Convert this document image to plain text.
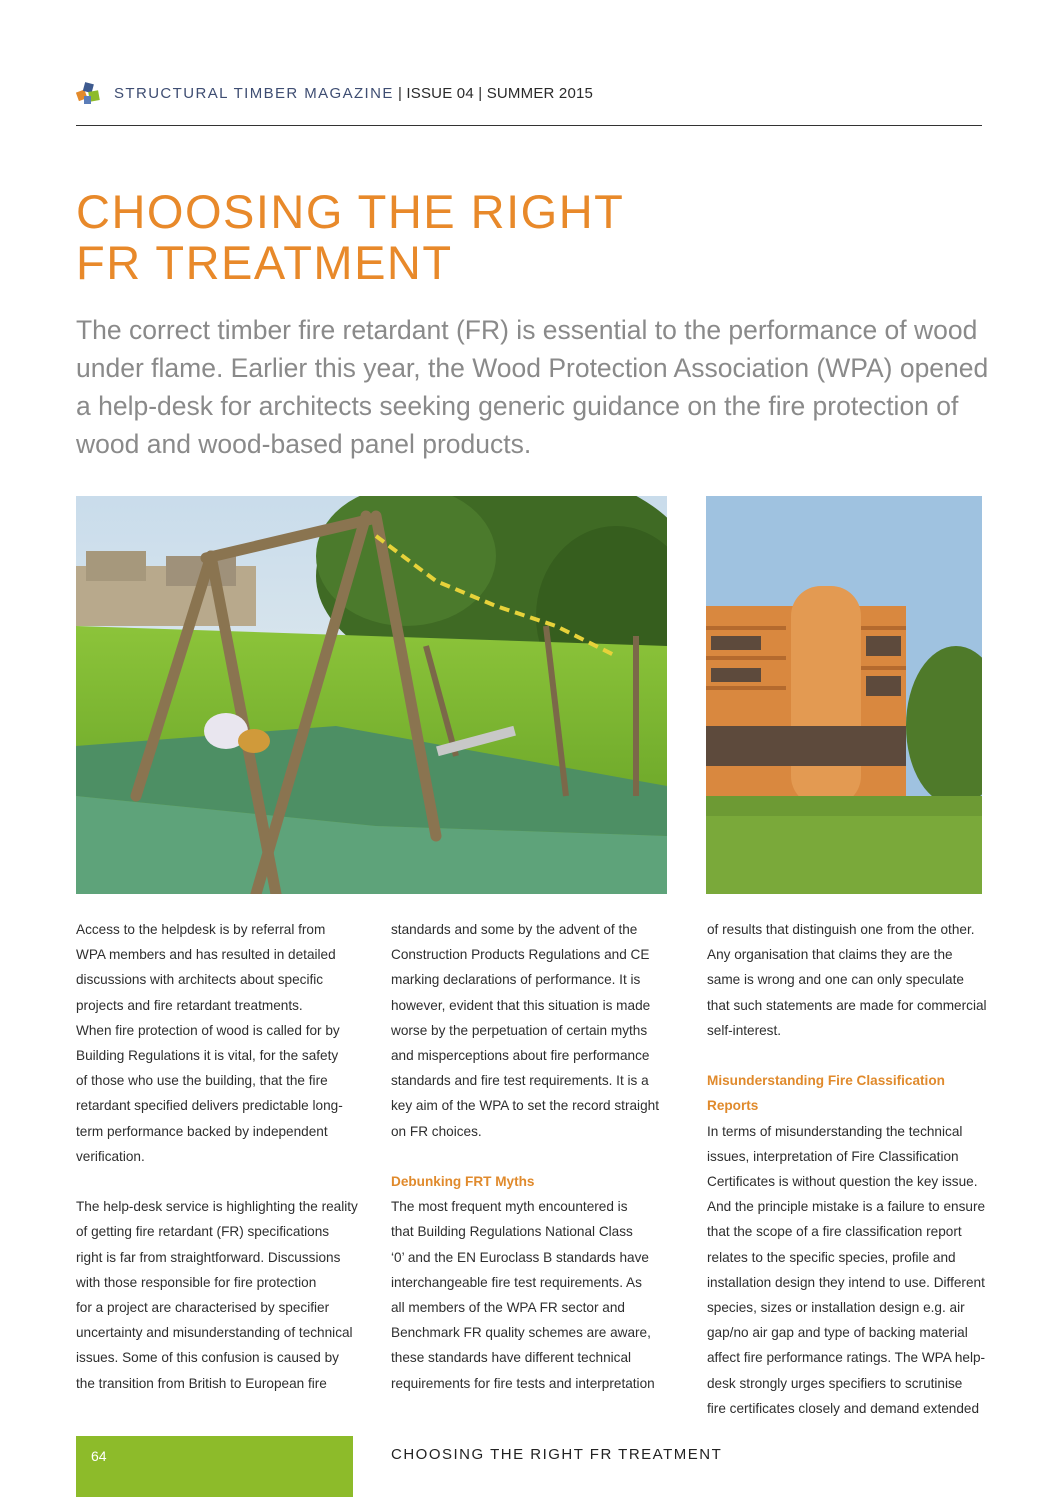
STRUCTURAL TIMBER MAGAZINE | ISSUE 04 | SUMMER 2015
CHOOSING THE RIGHT
FR TREATMENT

The correct timber fire retardant (FR) is essential to the performance of wood under flame. Earlier this year, the Wood Protection Association (WPA) opened a help-desk for architects seeking generic guidance on the fire protection of wood and wood-based panel products.

Access to the helpdesk is by referral from
WPA members and has resulted in detailed
discussions with architects about specific
projects and fire retardant treatments.
When fire protection of wood is called for by
Building Regulations it is vital, for the safety
of those who use the building, that the fire
retardant specified delivers predictable long-
term performance backed by independent
verification.

The help-desk service is highlighting the reality
of getting fire retardant (FR) specifications
right is far from straightforward. Discussions
with those responsible for fire protection
for a project are characterised by specifier
uncertainty and misunderstanding of technical
issues. Some of this confusion is caused by
the transition from British to European fire

standards and some by the advent of the
Construction Products Regulations and CE
marking declarations of performance. It is
however, evident that this situation is made
worse by the perpetuation of certain myths
and misperceptions about fire performance
standards and fire test requirements. It is a
key aim of the WPA to set the record straight
on FR choices.

Debunking FRT Myths

The most frequent myth encountered is
that Building Regulations National Class
‘0’ and the EN Euroclass B standards have
interchangeable fire test requirements. As
all members of the WPA FR sector and
Benchmark FR quality schemes are aware,
these standards have different technical
requirements for fire tests and interpretation

of results that distinguish one from the other.
Any organisation that claims they are the
same is wrong and one can only speculate
that such statements are made for commercial
self-interest.

Misunderstanding Fire Classification Reports

In terms of misunderstanding the technical
issues, interpretation of Fire Classification
Certificates is without question the key issue.
And the principle mistake is a failure to ensure
that the scope of a fire classification report
relates to the specific species, profile and
installation design they intend to use. Different
species, sizes or installation design e.g. air
gap/no air gap and type of backing material
affect fire performance ratings. The WPA help-
desk strongly urges specifiers to scrutinise
fire certificates closely and demand extended

64	CHOOSING THE RIGHT FR TREATMENT
